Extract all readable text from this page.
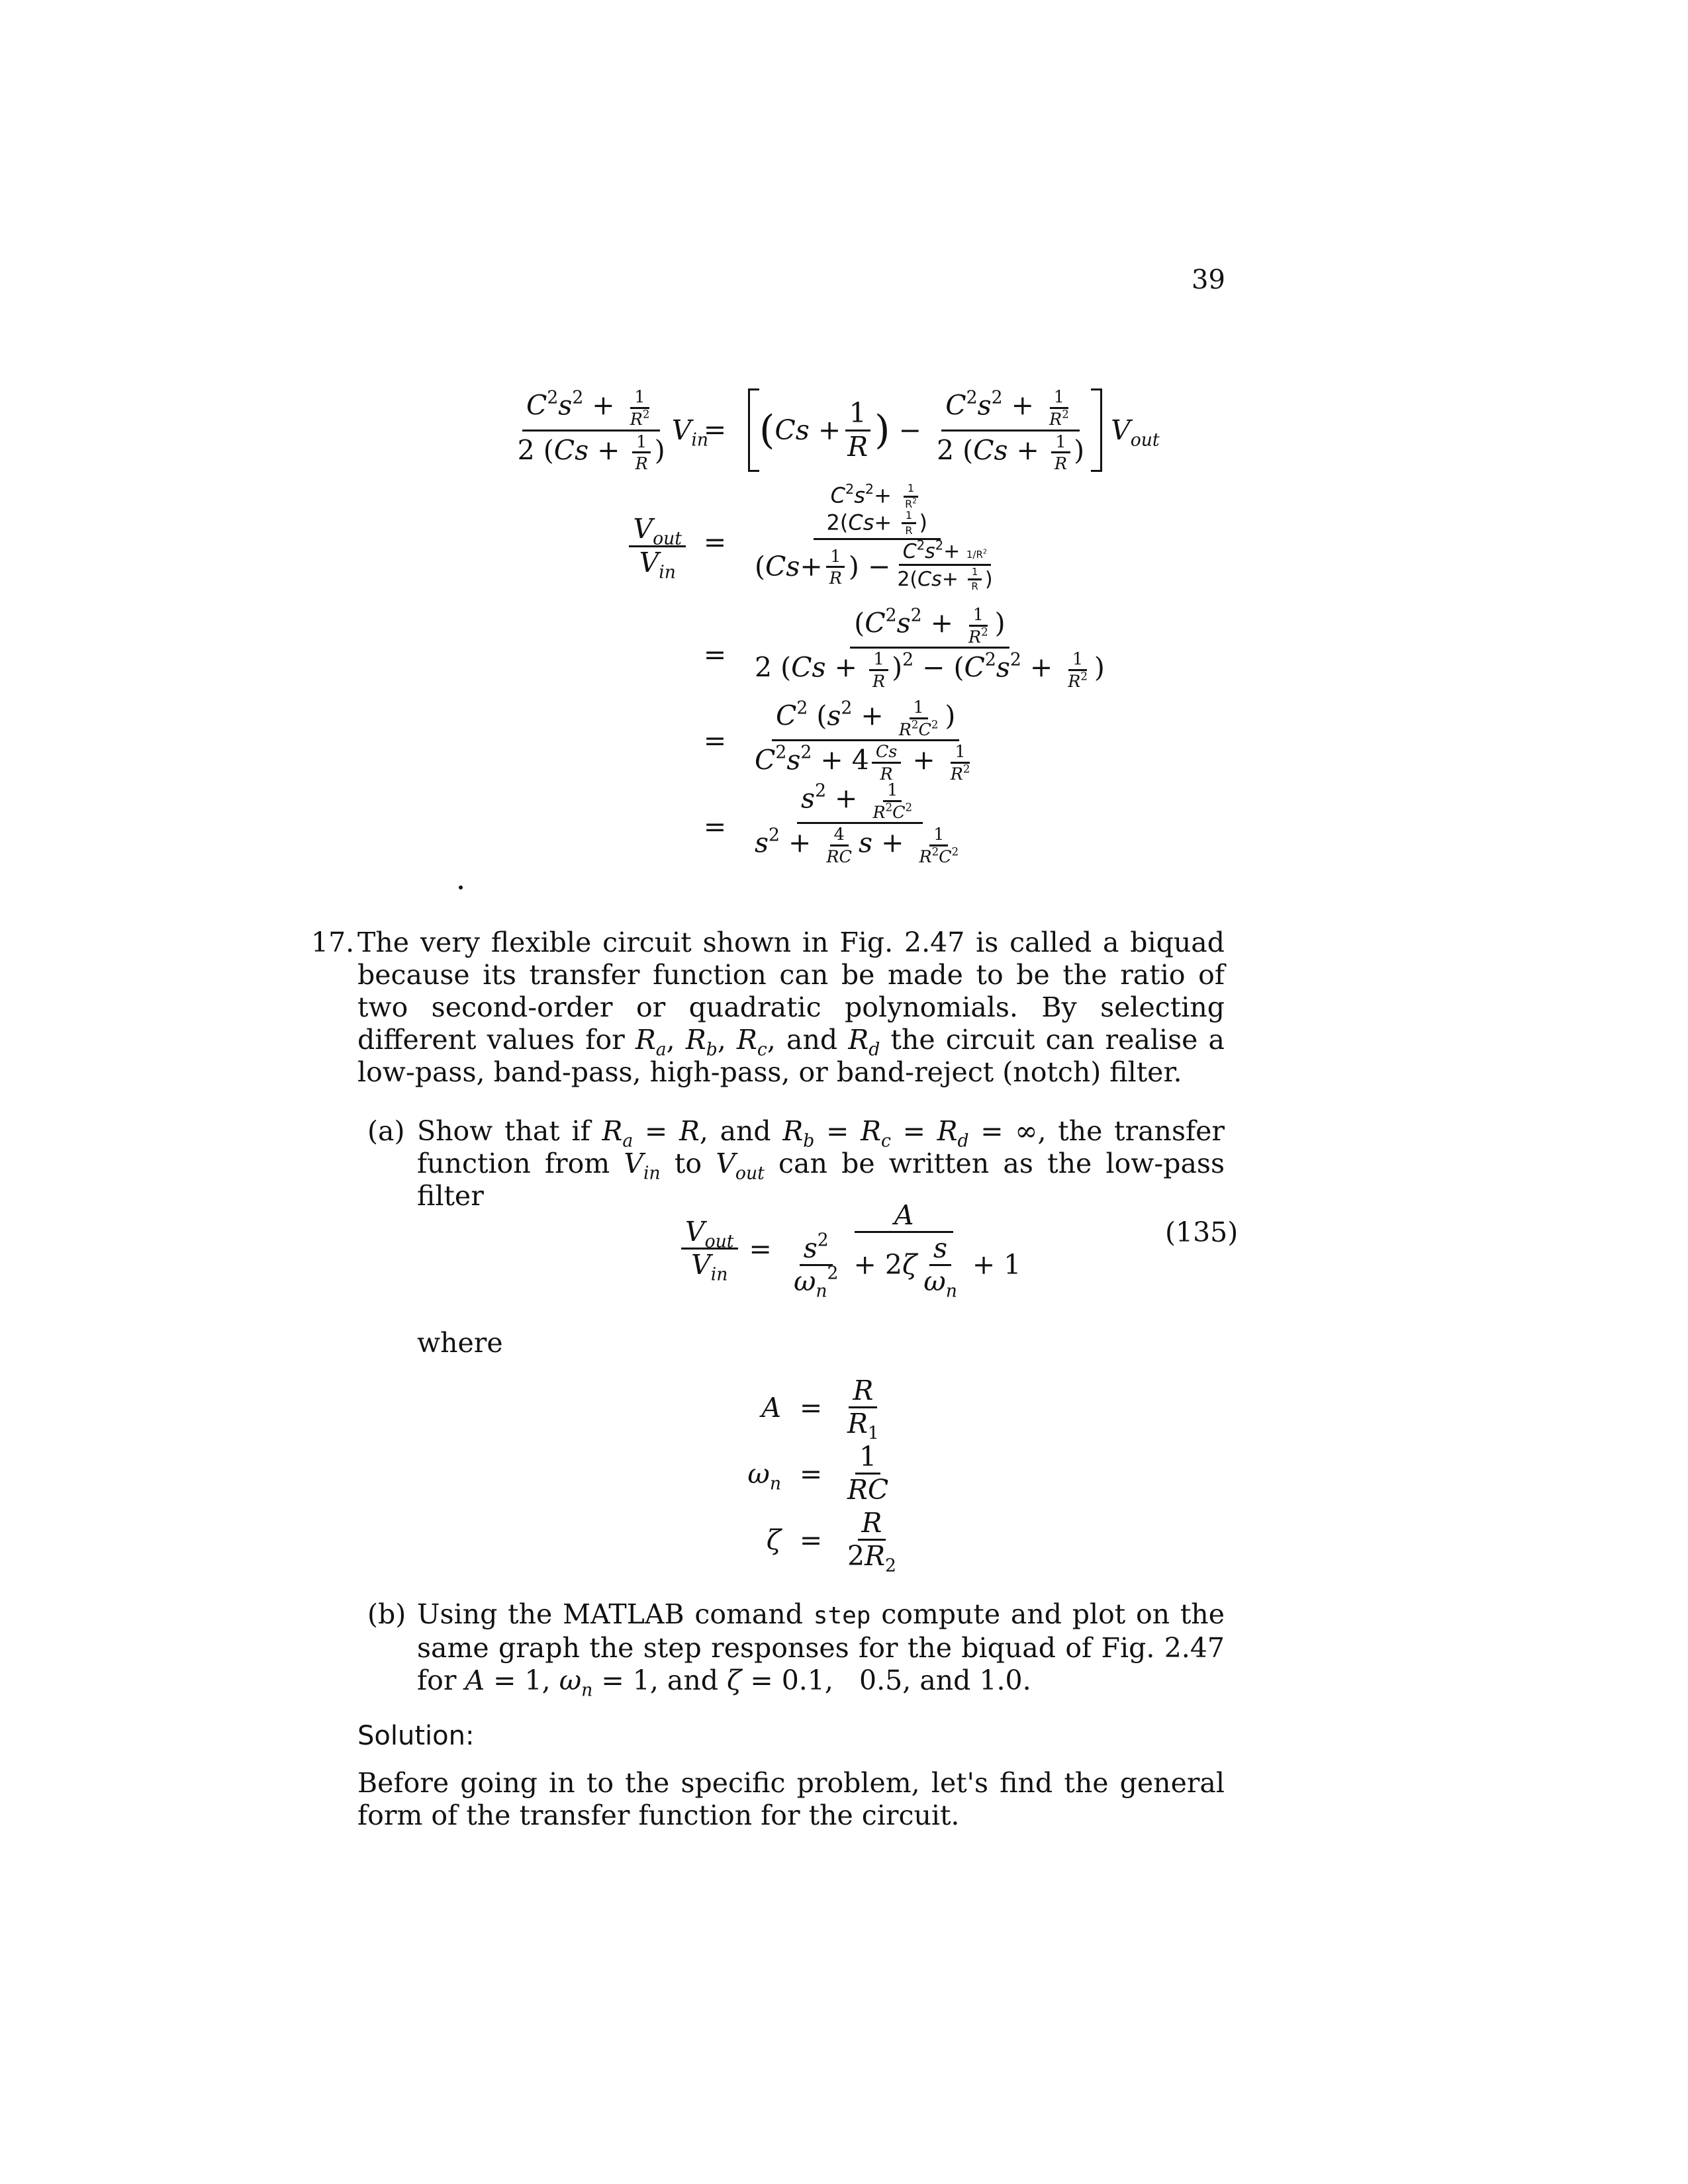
39
$\frac{C^2s^2 + \frac{1}{R^2}}{2 (Cs + \frac{1}{R} )} V_{in}$
= ( $Cs + \frac{1}{R}$ ) − $\frac{C^2s^2 + \frac{1}{R^2}}{2 (Cs + \frac{1}{R} )}$
$V_{out}$
$\frac{V_{out}}{V_{in}}$ =
$C^2s^2+ \frac{1}{R^2}$

$2(Cs+ \frac{1}{R}$ )
( $Cs + \frac{1}{R}$ ) − $\frac{C^2s^2+ 1/R^2}{2(Cs+ \frac{1}{R} )}$
= $\frac{(C^2s^2 + \frac{1}{R^2} )}{2 (Cs + \frac{1}{R} )^2 - (C^2s^2 + \frac{1}{R^2} )}$
= $\frac{C^2 (s^2 + \frac{1}{R^2C^2} )}{C^2s^2 + 4 \frac{Cs}{R} + \frac{1}{R^2}}$
= $\frac{s^2 + \frac{1}{R^2C^2}}{s^2 + \frac{4}{RC} s + \frac{1}{R^2C^2}}$
17. The very flexible circuit shown in Fig. 2.47 is called a biquad because its transfer function can be made to be the ratio of two second-order or quadratic polynomials. By selecting different values for $R_a$, $R_b$, $R_c$, and $R_d$ the circuit can realise a low-pass, band-pass, high-pass, or band-reject (notch) filter.
(a) Show that if $R_a = R$, and $R_b = R_c = R_d$ = ∞, the transfer function from $V_{in}$ to $V_{out}$ can be written as the low-pass filter
$\frac{V_{out}}{V_{in}} = \frac{A}{\frac{s^2}{\omega_n^2} + 2 \zeta \frac{s}{\omega_n} + 1}$	(135)
where
$A = \frac{R}{R_1}$
$\omega_n = \frac{1}{RC}$
$\zeta = \frac{R}{2R_2}$
(b) Using the MATLAB comand step compute and plot on the same graph the step responses for the biquad of Fig. 2.47 for A = 1, $\omega_n = 1$, and ζ = 0.1,   0.5, and 1.0.
Solution:
Before going in to the specific problem, let's find the general form of the transfer function for the circuit.
